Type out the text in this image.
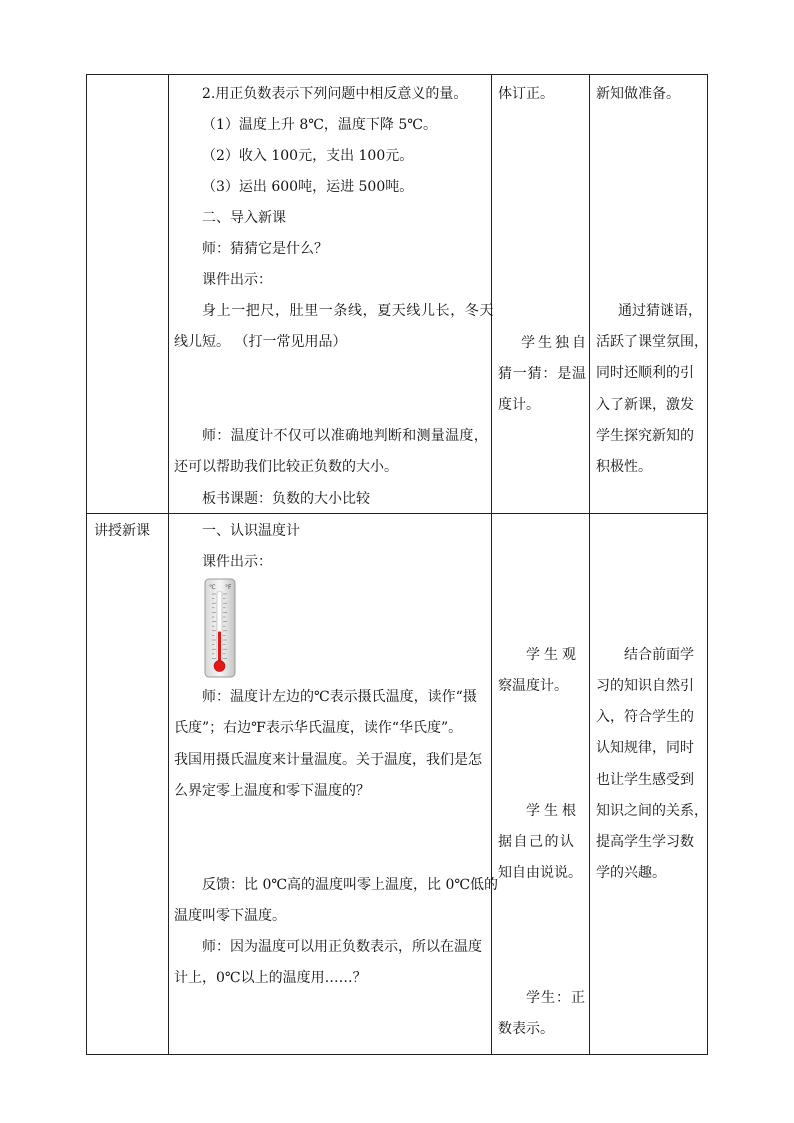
2.用正负数表示下列问题中相反意义的量。
（1）温度上升 8℃，温度下降 5℃。
（2）收入 100元，支出 100元。
（3）运出 600吨，运进 500吨。
二、导入新课
师：猜猜它是什么？
课件出示：
身上一把尺，肚里一条线，夏天线儿长，冬天
线儿短。 （打一常见用品）
师：温度计不仅可以准确地判断和测量温度，
还可以帮助我们比较正负数的大小。
板书课题：负数的大小比较
体订正。
学生独自
猜一猜：是温
度计。
新知做准备。
通过猜谜语，
活跃了课堂氛围，
同时还顺利的引
入了新课，激发
学生探究新知的
积极性。
讲授新课	一、认识温度计
课件出示：
℃ °F
师：温度计左边的℃表示摄氏温度，读作“摄
氏度”；右边℉表示华氏温度，读作“华氏度”。
我国用摄氏温度来计量温度。关于温度，我们是怎
么界定零上温度和零下温度的？
反馈：比 0℃高的温度叫零上温度，比 0℃低的
温度叫零下温度。
师：因为温度可以用正负数表示，所以在温度
计上，0℃以上的温度用……？
学生观
察温度计。
学生根
据自己的认
知自由说说。
学生：正
数表示。
结合前面学
习的知识自然引
入，符合学生的
认知规律，同时
也让学生感受到
知识之间的关系，
提高学生学习数
学的兴趣。
